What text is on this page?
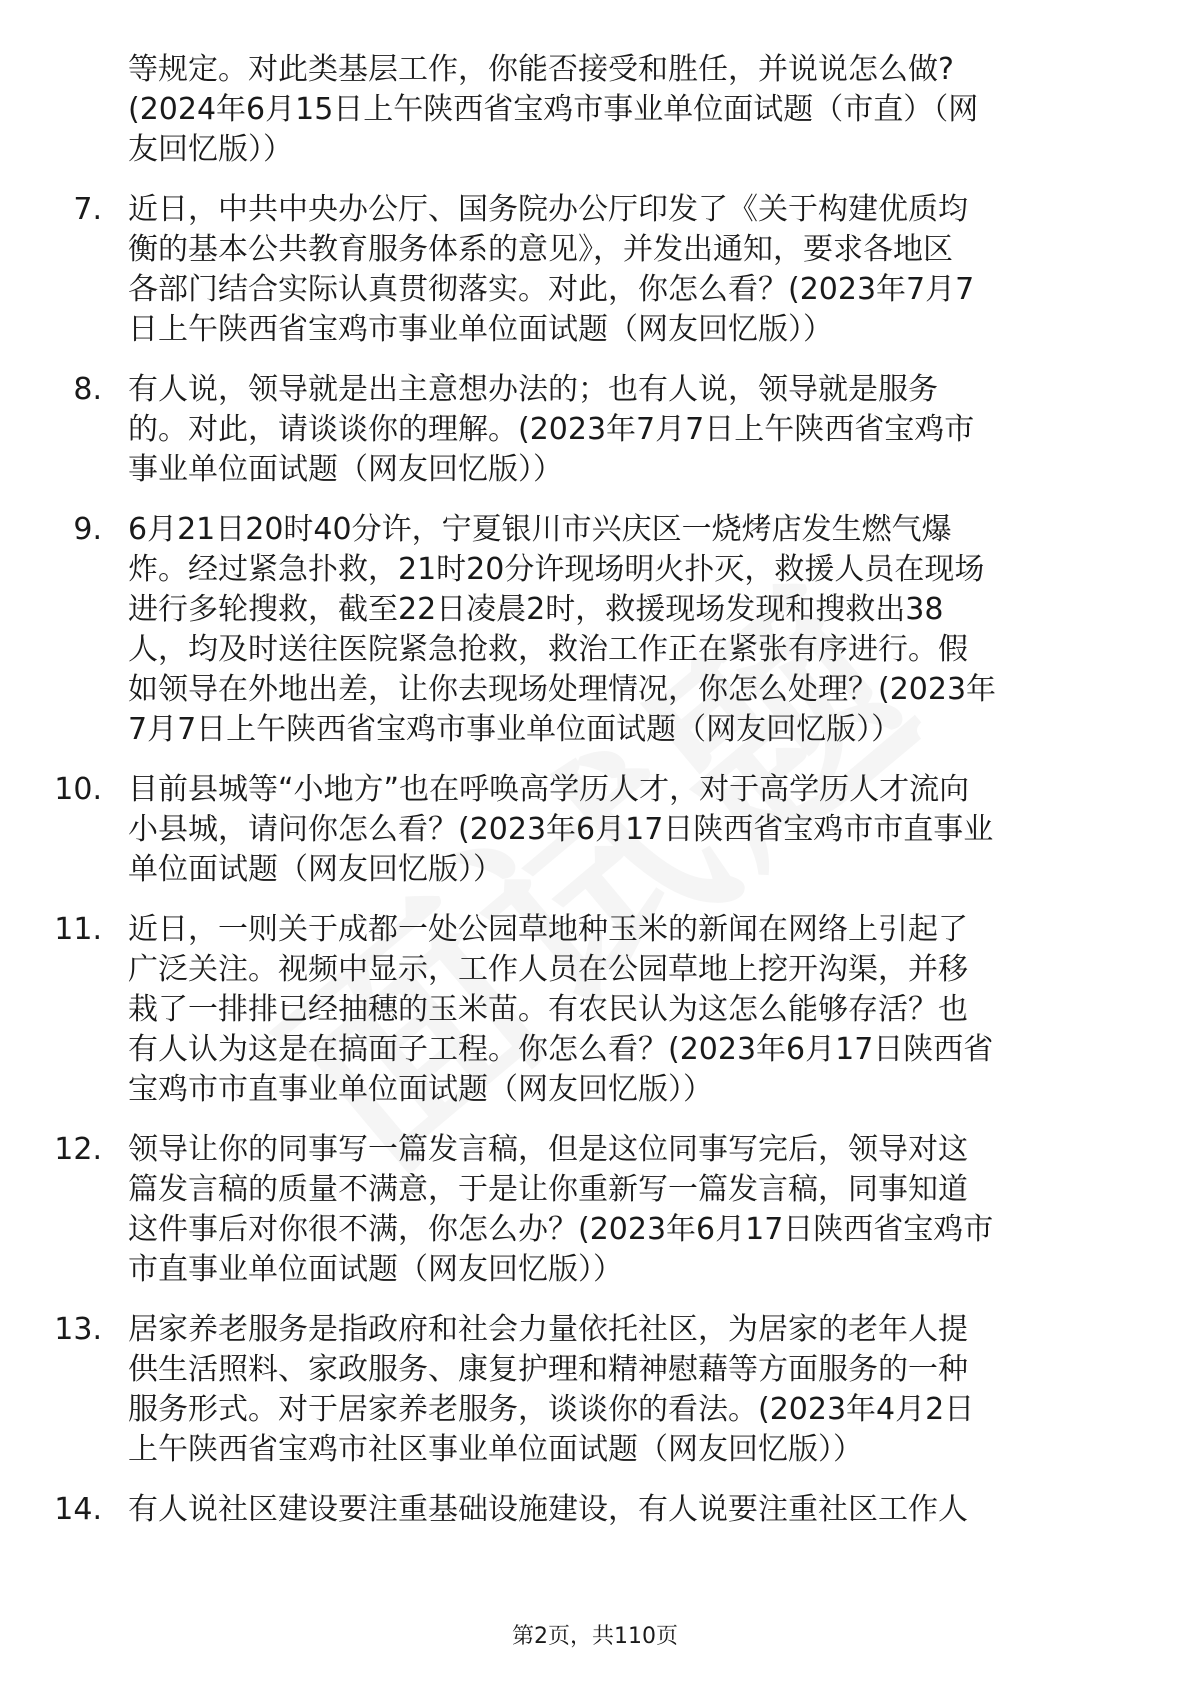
等规定。对此类基层工作，你能否接受和胜任，并说说怎么做?
(2024年6月15日上午陕西省宝鸡市事业单位面试题（市直）（网
友回忆版））
7. 近日，中共中央办公厅、国务院办公厅印发了《关于构建优质均
衡的基本公共教育服务体系的意见》，并发出通知，要求各地区
各部门结合实际认真贯彻落实。对此，你怎么看？(2023年7月7
日上午陕西省宝鸡市事业单位面试题（网友回忆版））
8. 有人说，领导就是出主意想办法的；也有人说，领导就是服务
的。对此，请谈谈你的理解。(2023年7月7日上午陕西省宝鸡市
事业单位面试题（网友回忆版））
9. 6月21日20时40分许，宁夏银川市兴庆区一烧烤店发生燃气爆
炸。经过紧急扑救，21时20分许现场明火扑灭，救援人员在现场
进行多轮搜救，截至22日凌晨2时，救援现场发现和搜救出38
人，均及时送往医院紧急抢救，救治工作正在紧张有序进行。假
如领导在外地出差，让你去现场处理情况，你怎么处理？(2023年
7月7日上午陕西省宝鸡市事业单位面试题（网友回忆版））
10. 目前县城等“小地方”也在呼唤高学历人才，对于高学历人才流向
小县城，请问你怎么看？(2023年6月17日陕西省宝鸡市市直事业
单位面试题（网友回忆版））
11. 近日，一则关于成都一处公园草地种玉米的新闻在网络上引起了
广泛关注。视频中显示，工作人员在公园草地上挖开沟渠，并移
栽了一排排已经抽穗的玉米苗。有农民认为这怎么能够存活？也
有人认为这是在搞面子工程。你怎么看？(2023年6月17日陕西省
宝鸡市市直事业单位面试题（网友回忆版））
12. 领导让你的同事写一篇发言稿，但是这位同事写完后，领导对这
篇发言稿的质量不满意，于是让你重新写一篇发言稿，同事知道
这件事后对你很不满，你怎么办？(2023年6月17日陕西省宝鸡市
市直事业单位面试题（网友回忆版））
13. 居家养老服务是指政府和社会力量依托社区，为居家的老年人提
供生活照料、家政服务、康复护理和精神慰藉等方面服务的一种
服务形式。对于居家养老服务，谈谈你的看法。(2023年4月2日
上午陕西省宝鸡市社区事业单位面试题（网友回忆版））
14. 有人说社区建设要注重基础设施建设，有人说要注重社区工作人
第2页，共110页
